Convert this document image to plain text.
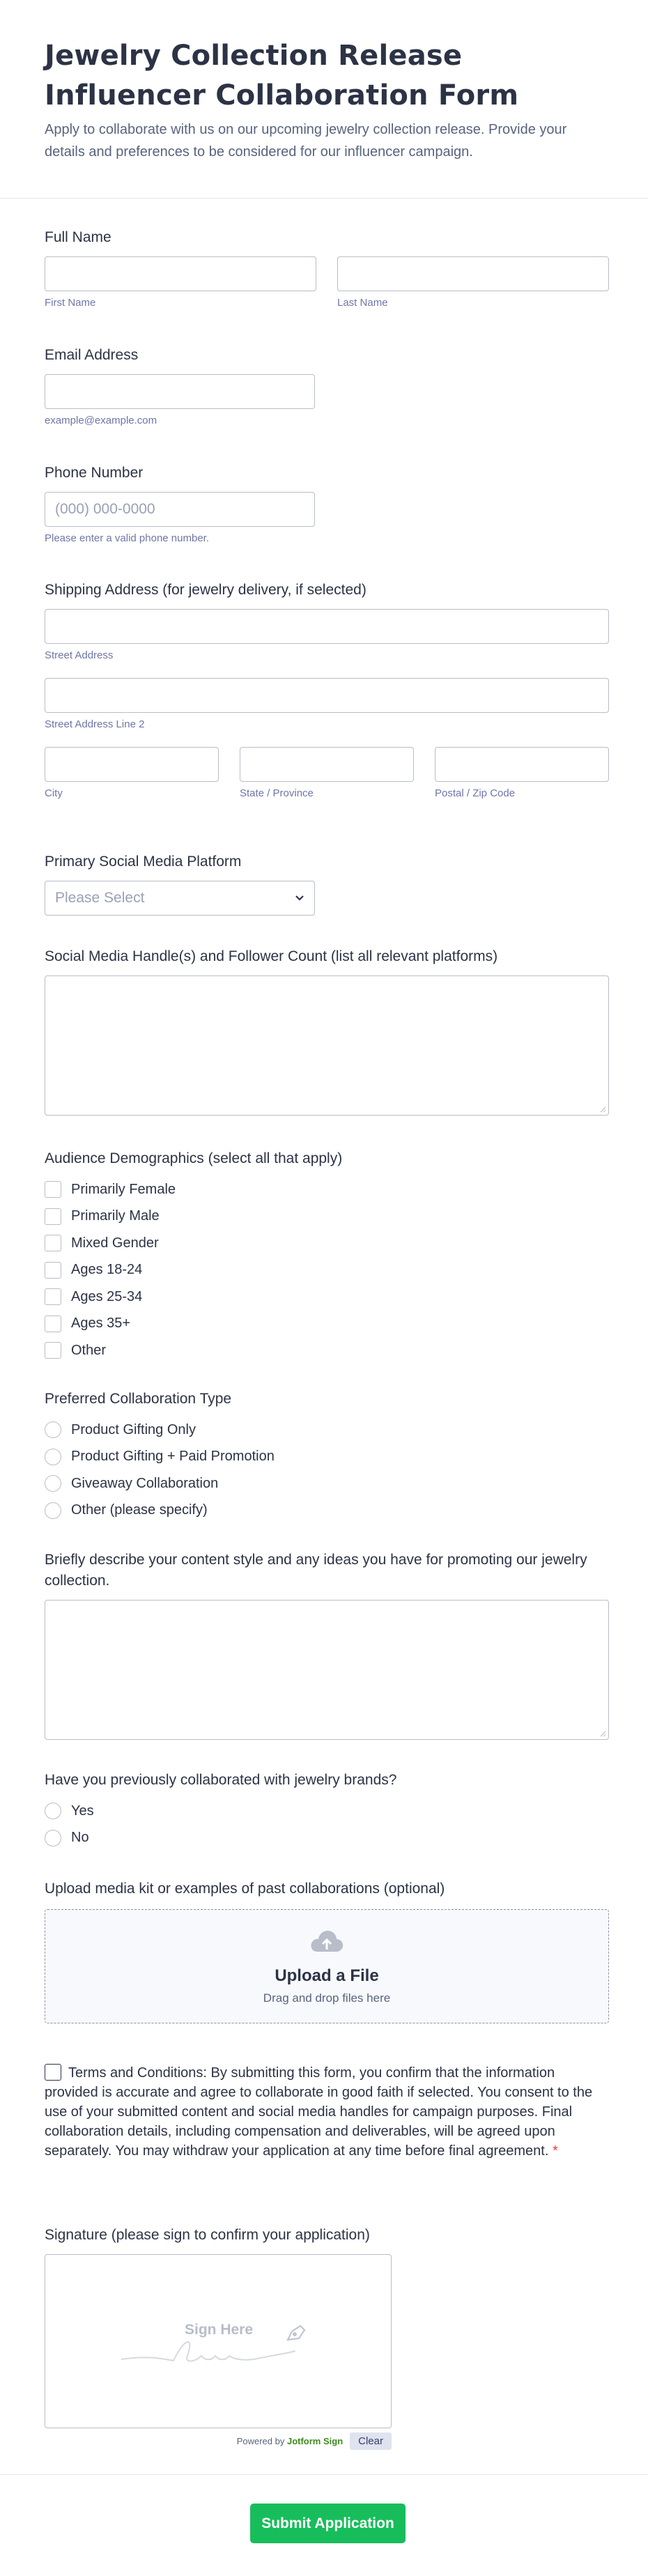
Jewelry Collection Release Influencer Collaboration Form

Apply to collaborate with us on our upcoming jewelry collection release. Provide your details and preferences to be considered for our influencer campaign.

Full Name
First Name	Last Name
Email Address
example@example.com
Phone Number
(000) 000-0000
Please enter a valid phone number.
Shipping Address (for jewelry delivery, if selected)
Street Address
Street Address Line 2
City	State / Province	Postal / Zip Code
Primary Social Media Platform
Please Select
Social Media Handle(s) and Follower Count (list all relevant platforms)
Audience Demographics (select all that apply)
Primarily Female
Primarily Male
Mixed Gender
Ages 18-24
Ages 25-34
Ages 35+
Other
Preferred Collaboration Type
Product Gifting Only
Product Gifting + Paid Promotion
Giveaway Collaboration
Other (please specify)
Briefly describe your content style and any ideas you have for promoting our jewelry collection.
Have you previously collaborated with jewelry brands?
Yes
No
Upload media kit or examples of past collaborations (optional)
Upload a File
Drag and drop files here
Terms and Conditions: By submitting this form, you confirm that the information provided is accurate and agree to collaborate in good faith if selected. You consent to the use of your submitted content and social media handles for campaign purposes. Final collaboration details, including compensation and deliverables, will be agreed upon separately. You may withdraw your application at any time before final agreement. *
Signature (please sign to confirm your application)
Sign Here
Powered by
Jotform Sign	Clear
Submit Application
